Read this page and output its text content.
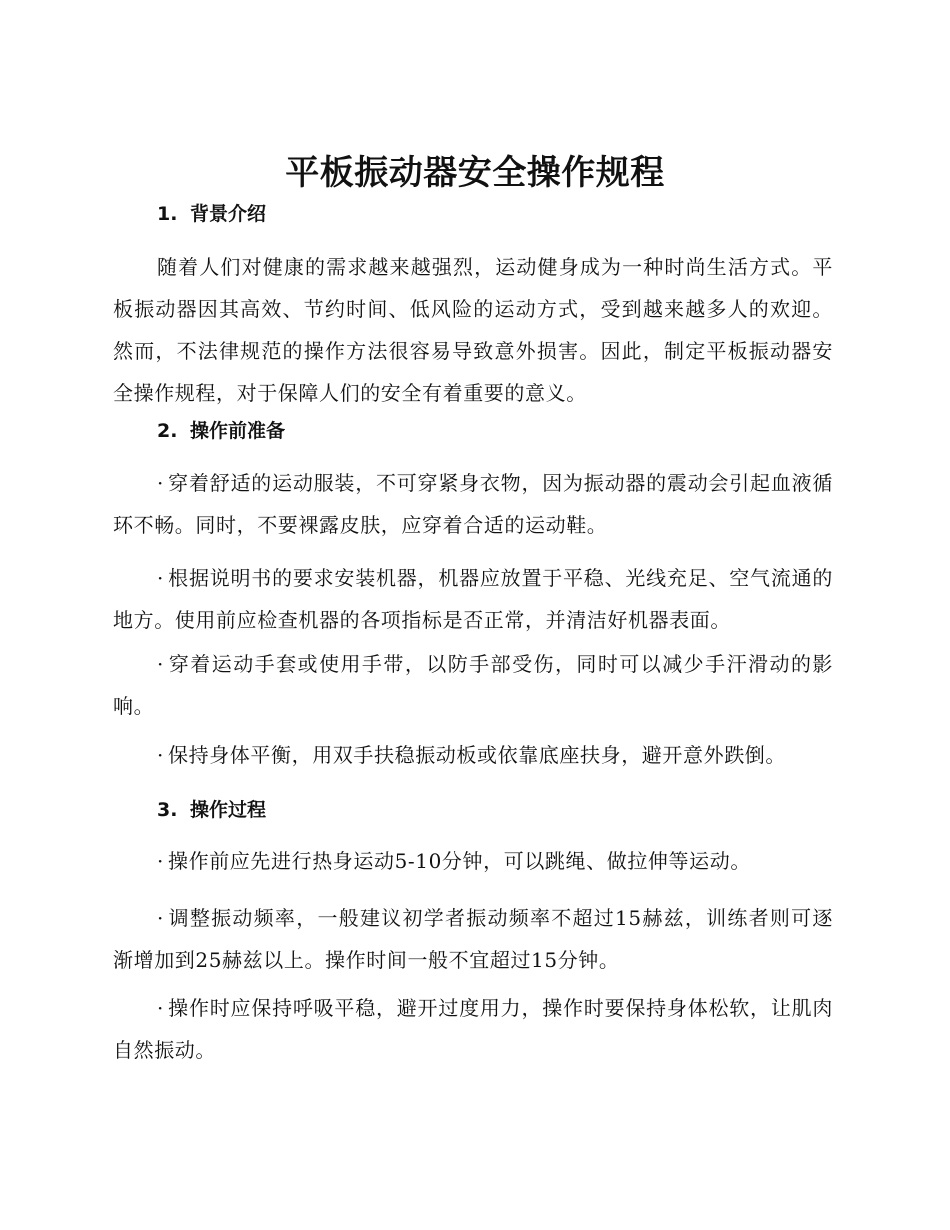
平板振动器安全操作规程
1. 背景介绍
随着人们对健康的需求越来越强烈，运动健身成为一种时尚生活方式。平板振动器因其高效、节约时间、低风险的运动方式，受到越来越多人的欢迎。然而，不法律规范的操作方法很容易导致意外损害。因此，制定平板振动器安全操作规程，对于保障人们的安全有着重要的意义。
2. 操作前准备
· 穿着舒适的运动服装，不可穿紧身衣物，因为振动器的震动会引起血液循环不畅。同时，不要裸露皮肤，应穿着合适的运动鞋。
· 根据说明书的要求安装机器，机器应放置于平稳、光线充足、空气流通的地方。使用前应检查机器的各项指标是否正常，并清洁好机器表面。
· 穿着运动手套或使用手带，以防手部受伤，同时可以减少手汗滑动的影响。
· 保持身体平衡，用双手扶稳振动板或依靠底座扶身，避开意外跌倒。
3. 操作过程
· 操作前应先进行热身运动5-10分钟，可以跳绳、做拉伸等运动。
· 调整振动频率，一般建议初学者振动频率不超过15赫兹，训练者则可逐渐增加到25赫兹以上。操作时间一般不宜超过15分钟。
· 操作时应保持呼吸平稳，避开过度用力，操作时要保持身体松软，让肌肉自然振动。
